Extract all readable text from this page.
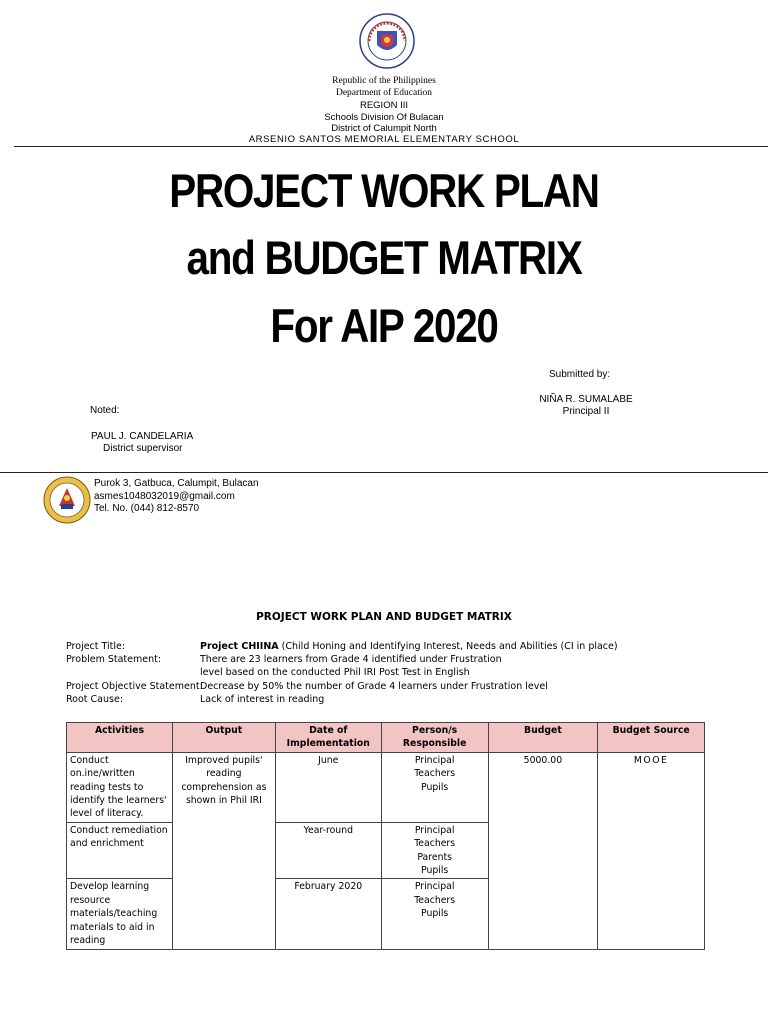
Republic of the Philippines
Department of Education
REGION III
Schools Division Of Bulacan
District of Calumpit North
ARSENIO SANTOS MEMORIAL ELEMENTARY SCHOOL
PROJECT WORK PLAN
and BUDGET MATRIX
For AIP 2020
Submitted by:
NIÑA R. SUMALABE
Principal II
Noted:
PAUL J. CANDELARIA
District supervisor
Purok 3, Gatbuca, Calumpit, Bulacan
asmes1048032019@gmail.com
Tel. No. (044) 812-8570
PROJECT WORK PLAN AND BUDGET MATRIX
Project Title:	Project CHIINA (Child Honing and Identifying Interest, Needs and Abilities (CI in place)
Problem Statement:	There are 23 learners from Grade 4 identified under Frustration
level based on the conducted Phil IRI Post Test in English
Project Objective Statement:
Decrease by 50% the number of Grade 4 learners under Frustration level
Root Cause:	Lack of interest in reading
Activities	Output	Date of Implementation	Person/s Responsible	Budget	Budget Source
Conduct on.ine/written reading tests to identify the learners' level of literacy.	Improved pupils' reading comprehension as shown in Phil IRI	June	Principal
Teachers
Pupils	5000.00	MOOE
Conduct remediation and enrichment		Year-round	Principal
Teachers
Parents
Pupils		

Develop learning resource materials/teaching materials to aid in reading		February 2020	Principal
Teachers
Pupils		
